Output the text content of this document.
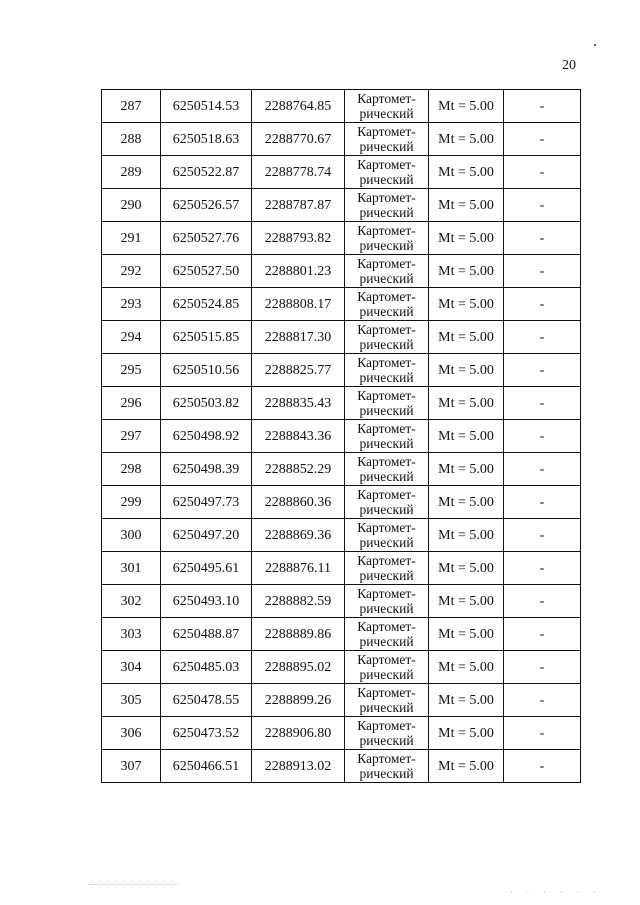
20
287	6250514.53	2288764.85	Картомет-
рический	Mt = 5.00	-
288	6250518.63	2288770.67	Картомет-
рический	Mt = 5.00	-
289	6250522.87	2288778.74	Картомет-
рический	Mt = 5.00	-
290	6250526.57	2288787.87	Картомет-
рический	Mt = 5.00	-
291	6250527.76	2288793.82	Картомет-
рический	Mt = 5.00	-
292	6250527.50	2288801.23	Картомет-
рический	Mt = 5.00	-
293	6250524.85	2288808.17	Картомет-
рический	Mt = 5.00	-
294	6250515.85	2288817.30	Картомет-
рический	Mt = 5.00	-
295	6250510.56	2288825.77	Картомет-
рический	Mt = 5.00	-
296	6250503.82	2288835.43	Картомет-
рический	Mt = 5.00	-
297	6250498.92	2288843.36	Картомет-
рический	Mt = 5.00	-
298	6250498.39	2288852.29	Картомет-
рический	Mt = 5.00	-
299	6250497.73	2288860.36	Картомет-
рический	Mt = 5.00	-
300	6250497.20	2288869.36	Картомет-
рический	Mt = 5.00	-
301	6250495.61	2288876.11	Картомет-
рический	Mt = 5.00	-
302	6250493.10	2288882.59	Картомет-
рический	Mt = 5.00	-
303	6250488.87	2288889.86	Картомет-
рический	Mt = 5.00	-
304	6250485.03	2288895.02	Картомет-
рический	Mt = 5.00	-
305	6250478.55	2288899.26	Картомет-
рический	Mt = 5.00	-
306	6250473.52	2288906.80	Картомет-
рический	Mt = 5.00	-
307	6250466.51	2288913.02	Картомет-
рический	Mt = 5.00	-
· · · · · ·
